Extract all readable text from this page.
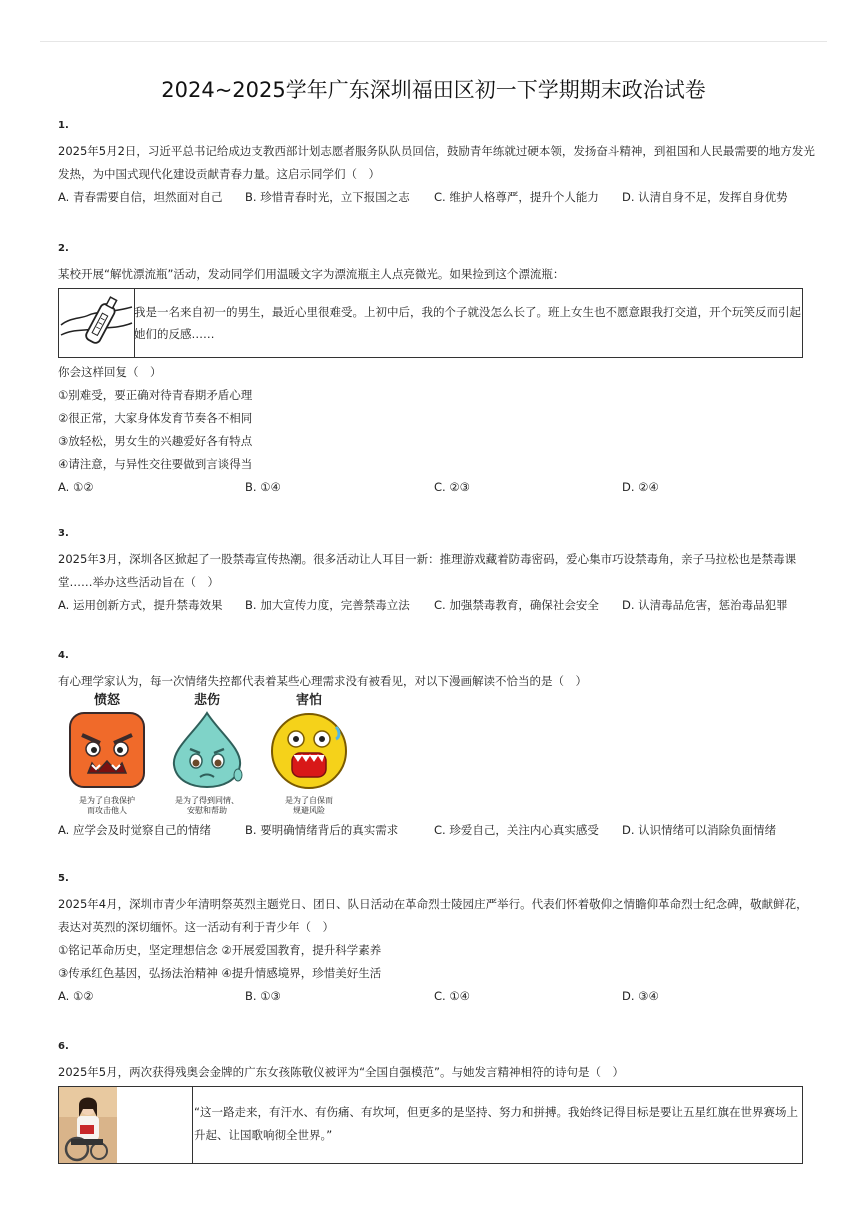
2024~2025学年广东深圳福田区初一下学期期末政治试卷
1.
2025年5月2日，习近平总书记给成边支教西部计划志愿者服务队队员回信，鼓励青年练就过硬本领，发扬奋斗精神，到祖国和人民最需要的地方发光
发热，为中国式现代化建设贡献青春力量。这启示同学们（　）
A. 青春需要自信，坦然面对自己 B. 珍惜青春时光，立下报国之志 C. 维护人格尊严，提升个人能力 D. 认清自身不足，发挥自身优势
2.
某校开展“解忧漂流瓶”活动，发动同学们用温暖文字为漂流瓶主人点亮微光。如果捡到这个漂流瓶：
我是一名来自初一的男生，最近心里很难受。上初中后，我的个子就没怎么长了。班上女生也不愿意跟我打交道，开个玩笑反而引起她们的反感……
你会这样回复（　）
①别难受，要正确对待青春期矛盾心理
②很正常，大家身体发育节奏各不相同
③放轻松，男女生的兴趣爱好各有特点
④请注意，与异性交往要做到言谈得当
A. ①②	B. ①④	C. ②③	D. ②④
3.
2025年3月，深圳各区掀起了一股禁毒宣传热潮。很多活动让人耳目一新：推理游戏藏着防毒密码，爱心集市巧设禁毒角，亲子马拉松也是禁毒课
堂……举办这些活动旨在（　）
A. 运用创新方式，提升禁毒效果 B. 加大宣传力度，完善禁毒立法 C. 加强禁毒教育，确保社会安全 D. 认清毒品危害，惩治毒品犯罪
4.
有心理学家认为，每一次情绪失控都代表着某些心理需求没有被看见，对以下漫画解读不恰当的是（　）
愤怒
是为了自我保护
而攻击他人
悲伤
是为了得到同情、
安慰和帮助
害怕
是为了自保而
规避风险
A. 应学会及时觉察自己的情绪	B. 要明确情绪背后的真实需求	C. 珍爱自己，关注内心真实感受 D. 认识情绪可以消除负面情绪
5.
2025年4月，深圳市青少年清明祭英烈主题党日、团日、队日活动在革命烈士陵园庄严举行。代表们怀着敬仰之情瞻仰革命烈士纪念碑，敬献鲜花，
表达对英烈的深切缅怀。这一活动有利于青少年（　）
①铭记革命历史，坚定理想信念 ②开展爱国教育，提升科学素养
③传承红色基因，弘扬法治精神 ④提升情感境界，珍惜美好生活
A. ①②	B. ①③	C. ①④	D. ③④
6.
2025年5月，两次获得残奥会金牌的广东女孩陈敬仪被评为“全国自强模范”。与她发言精神相符的诗句是（　）
“这一路走来，有汗水、有伤痛、有坎坷，但更多的是坚持、努力和拼搏。我始终记得目标是要让五星红旗在世界赛场上升起、让国歌响彻全世界。”
